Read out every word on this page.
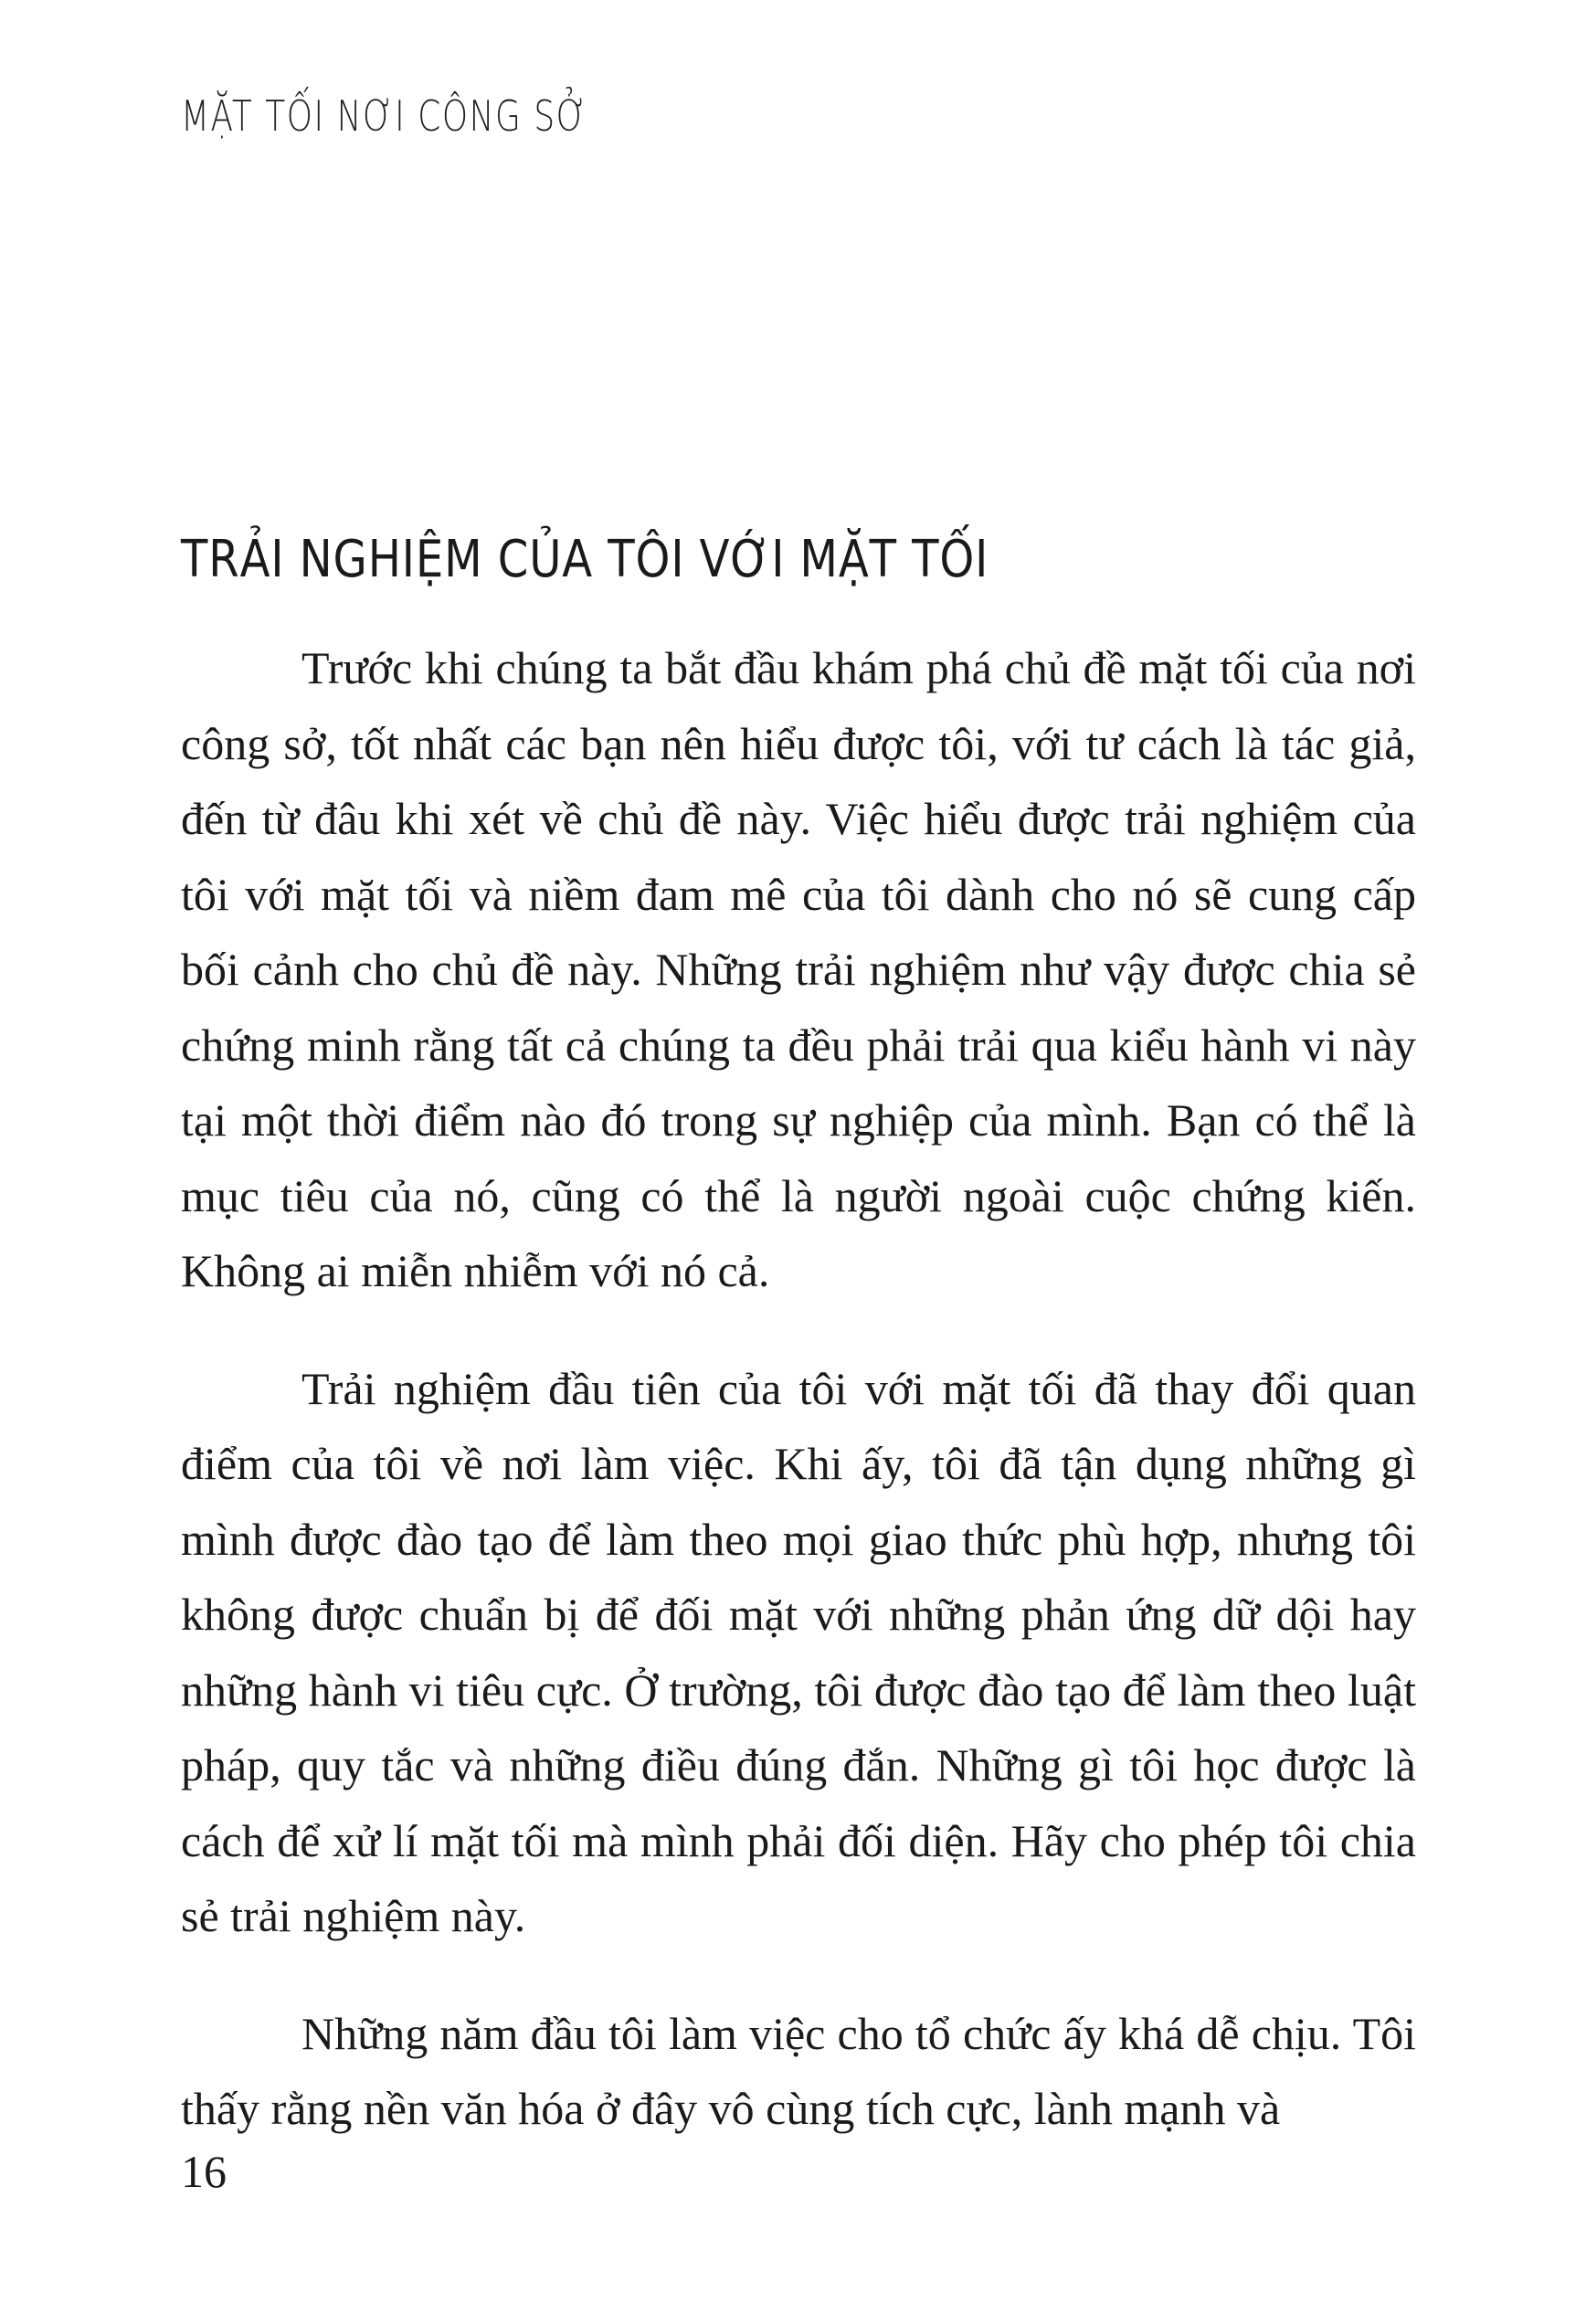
MẶT TỐI NƠI CÔNG SỞ
TRẢI NGHIỆM CỦA TÔI VỚI MẶT TỐI

Trước khi chúng ta bắt đầu khám phá chủ đề mặt tối của nơi công sở, tốt nhất các bạn nên hiểu được tôi, với tư cách là tác giả, đến từ đâu khi xét về chủ đề này. Việc hiểu được trải nghiệm của tôi với mặt tối và niềm đam mê của tôi dành cho nó sẽ cung cấp bối cảnh cho chủ đề này. Những trải nghiệm như vậy được chia sẻ chứng minh rằng tất cả chúng ta đều phải trải qua kiểu hành vi này tại một thời điểm nào đó trong sự nghiệp của mình. Bạn có thể là mục tiêu của nó, cũng có thể là người ngoài cuộc chứng kiến. Không ai miễn nhiễm với nó cả.

Trải nghiệm đầu tiên của tôi với mặt tối đã thay đổi quan điểm của tôi về nơi làm việc. Khi ấy, tôi đã tận dụng những gì mình được đào tạo để làm theo mọi giao thức phù hợp, nhưng tôi không được chuẩn bị để đối mặt với những phản ứng dữ dội hay những hành vi tiêu cực. Ở trường, tôi được đào tạo để làm theo luật pháp, quy tắc và những điều đúng đắn. Những gì tôi học được là cách để xử lí mặt tối mà mình phải đối diện. Hãy cho phép tôi chia sẻ trải nghiệm này.

Những năm đầu tôi làm việc cho tổ chức ấy khá dễ chịu. Tôi thấy rằng nền văn hóa ở đây vô cùng tích cực, lành mạnh và

16
